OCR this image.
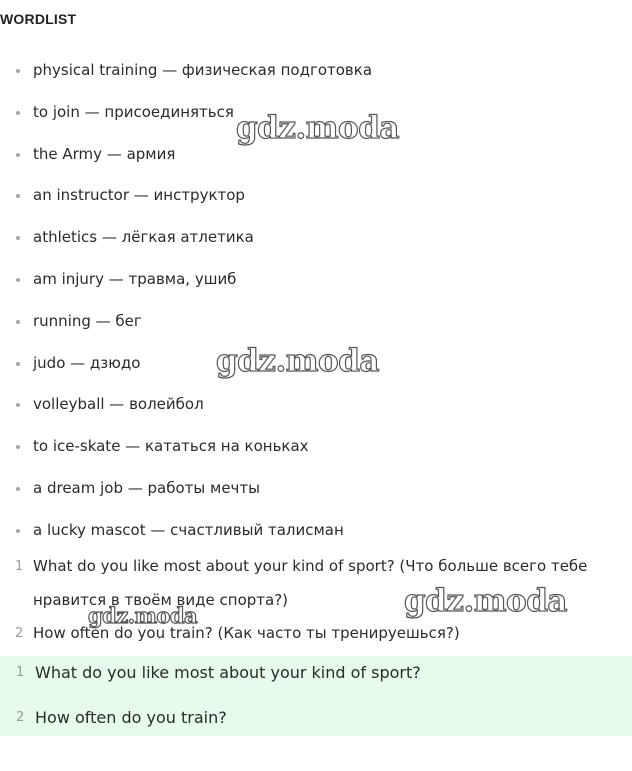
WORDLIST
physical training — физическая подготовка
to join — присоединяться
the Army — армия
an instructor — инструктор
athletics — лёгкая атлетика
am injury — травма, ушиб
running — бег
judo — дзюдо
volleyball — волейбол
to ice-skate — кататься на коньках
a dream job — работы мечты
a lucky mascot — счастливый талисман
1 What do you like most about your kind of sport? (Что больше всего тебе нравится в твоём виде спорта?)
2 How often do you train? (Как часто ты тренируешься?)
1 What do you like most about your kind of sport?
2 How often do you train?
gdz.moda
gdz.moda
gdz.moda	gdz.moda
